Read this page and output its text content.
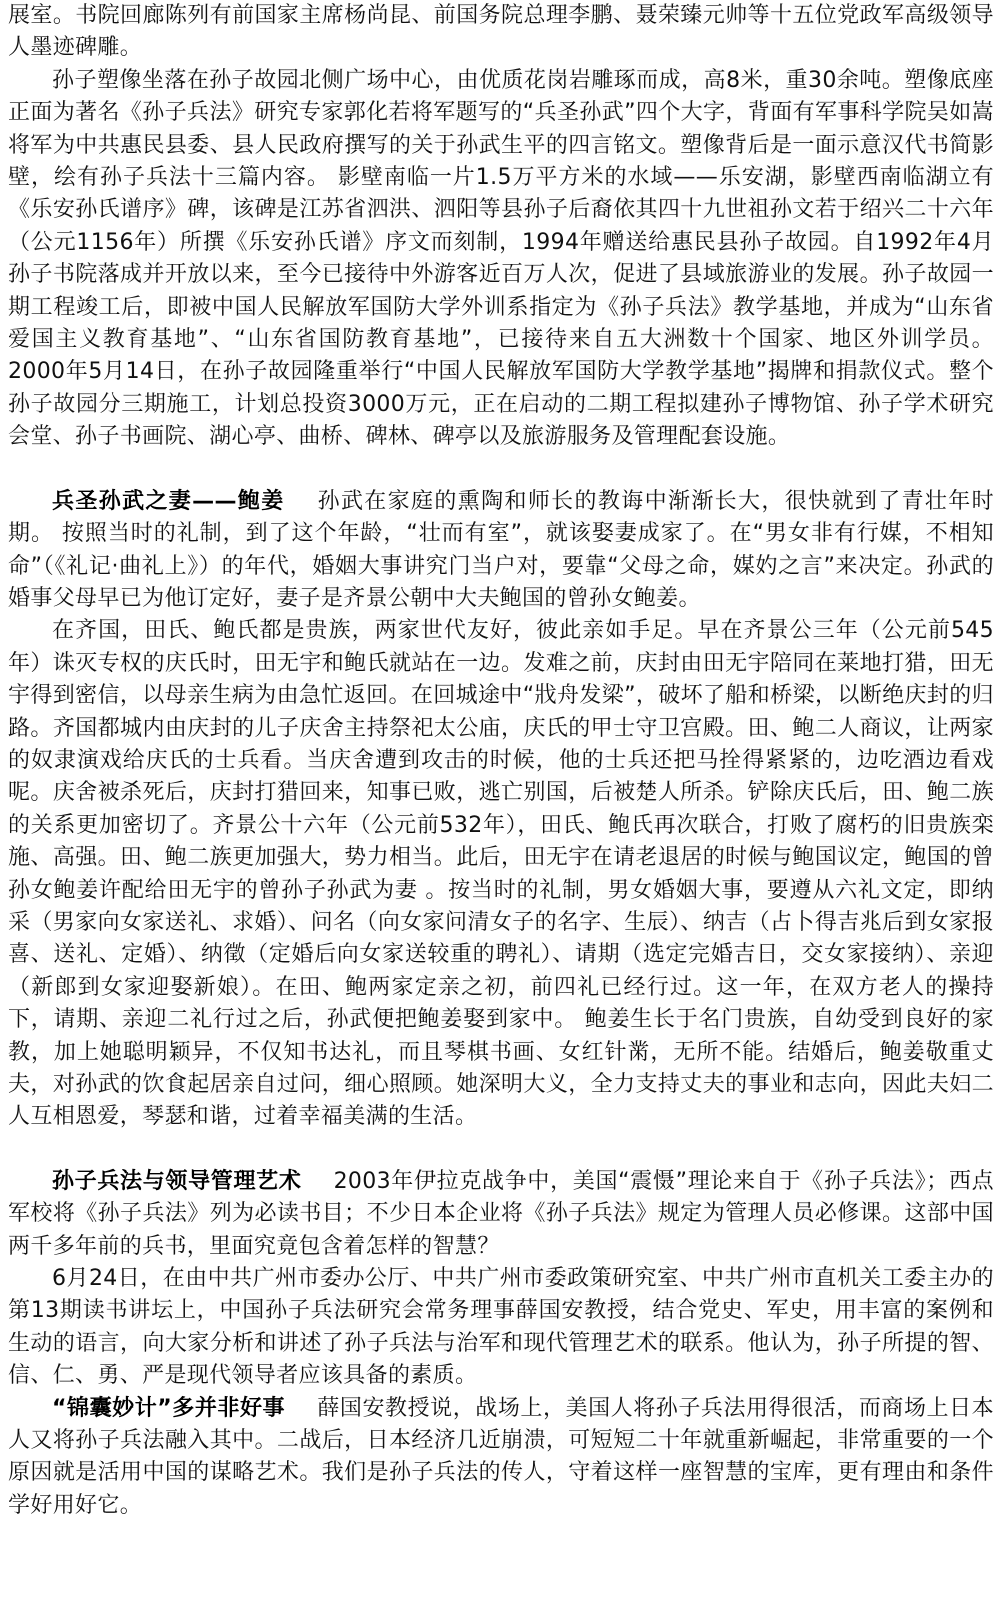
展室。书院回廊陈列有前国家主席杨尚昆、前国务院总理李鹏、聂荣臻元帅等十五位党政军高级领导人墨迹碑雕。

孙子塑像坐落在孙子故园北侧广场中心，由优质花岗岩雕琢而成，高8米，重30余吨。塑像底座正面为著名《孙子兵法》研究专家郭化若将军题写的“兵圣孙武”四个大字，背面有军事科学院吴如嵩将军为中共惠民县委、县人民政府撰写的关于孙武生平的四言铭文。塑像背后是一面示意汉代书简影壁，绘有孙子兵法十三篇内容。 影壁南临一片1.5万平方米的水域——乐安湖，影壁西南临湖立有《乐安孙氏谱序》碑，该碑是江苏省泗洪、泗阳等县孙子后裔依其四十九世祖孙文若于绍兴二十六年（公元1156年）所撰《乐安孙氏谱》序文而刻制，1994年赠送给惠民县孙子故园。自1992年4月孙子书院落成并开放以来，至今已接待中外游客近百万人次，促进了县域旅游业的发展。孙子故园一期工程竣工后，即被中国人民解放军国防大学外训系指定为《孙子兵法》教学基地，并成为“山东省爱国主义教育基地”、“山东省国防教育基地”，已接待来自五大洲数十个国家、地区外训学员。2000年5月14日，在孙子故园隆重举行“中国人民解放军国防大学教学基地”揭牌和捐款仪式。整个孙子故园分三期施工，计划总投资3000万元，正在启动的二期工程拟建孙子博物馆、孙子学术研究会堂、孙子书画院、湖心亭、曲桥、碑林、碑亭以及旅游服务及管理配套设施。

兵圣孙武之妻——鲍姜 孙武在家庭的熏陶和师长的教诲中渐渐长大，很快就到了青壮年时期。 按照当时的礼制，到了这个年龄，“壮而有室”，就该娶妻成家了。在“男女非有行媒，不相知命”（《礼记·曲礼上》）的年代，婚姻大事讲究门当户对，要靠“父母之命，媒妁之言”来决定。孙武的婚事父母早已为他订定好，妻子是齐景公朝中大夫鲍国的曾孙女鲍姜。

在齐国，田氏、鲍氏都是贵族，两家世代友好，彼此亲如手足。早在齐景公三年（公元前545年）诛灭专权的庆氏时，田无宇和鲍氏就站在一边。发难之前，庆封由田无宇陪同在莱地打猎，田无宇得到密信，以母亲生病为由急忙返回。在回城途中“戕舟发梁”，破坏了船和桥梁，以断绝庆封的归路。齐国都城内由庆封的儿子庆舍主持祭祀太公庙，庆氏的甲士守卫宫殿。田、鲍二人商议，让两家的奴隶演戏给庆氏的士兵看。当庆舍遭到攻击的时候，他的士兵还把马拴得紧紧的，边吃酒边看戏呢。庆舍被杀死后，庆封打猎回来，知事已败，逃亡别国，后被楚人所杀。铲除庆氏后，田、鲍二族的关系更加密切了。齐景公十六年（公元前532年），田氏、鲍氏再次联合，打败了腐朽的旧贵族栾施、高强。田、鲍二族更加强大，势力相当。此后，田无宇在请老退居的时候与鲍国议定，鲍国的曾孙女鲍姜许配给田无宇的曾孙子孙武为妻 。按当时的礼制，男女婚姻大事，要遵从六礼文定，即纳采（男家向女家送礼、求婚）、问名（向女家问清女子的名字、生辰）、纳吉（占卜得吉兆后到女家报喜、送礼、定婚）、纳徵（定婚后向女家送较重的聘礼）、请期（选定完婚吉日，交女家接纳）、亲迎（新郎到女家迎娶新娘）。在田、鲍两家定亲之初，前四礼已经行过。这一年，在双方老人的操持下，请期、亲迎二礼行过之后，孙武便把鲍姜娶到家中。 鲍姜生长于名门贵族，自幼受到良好的家教，加上她聪明颖异，不仅知书达礼，而且琴棋书画、女红针黹，无所不能。结婚后，鲍姜敬重丈夫，对孙武的饮食起居亲自过问，细心照顾。她深明大义，全力支持丈夫的事业和志向，因此夫妇二人互相恩爱，琴瑟和谐，过着幸福美满的生活。

孙子兵法与领导管理艺术 2003年伊拉克战争中，美国“震慑”理论来自于《孙子兵法》；西点军校将《孙子兵法》列为必读书目；不少日本企业将《孙子兵法》规定为管理人员必修课。这部中国两千多年前的兵书，里面究竟包含着怎样的智慧？

6月24日，在由中共广州市委办公厅、中共广州市委政策研究室、中共广州市直机关工委主办的第13期读书讲坛上，中国孙子兵法研究会常务理事薛国安教授，结合党史、军史，用丰富的案例和生动的语言，向大家分析和讲述了孙子兵法与治军和现代管理艺术的联系。他认为，孙子所提的智、信、仁、勇、严是现代领导者应该具备的素质。

“锦囊妙计”多并非好事 薛国安教授说，战场上，美国人将孙子兵法用得很活，而商场上日本人又将孙子兵法融入其中。二战后，日本经济几近崩溃，可短短二十年就重新崛起，非常重要的一个原因就是活用中国的谋略艺术。我们是孙子兵法的传人，守着这样一座智慧的宝库，更有理由和条件学好用好它。
